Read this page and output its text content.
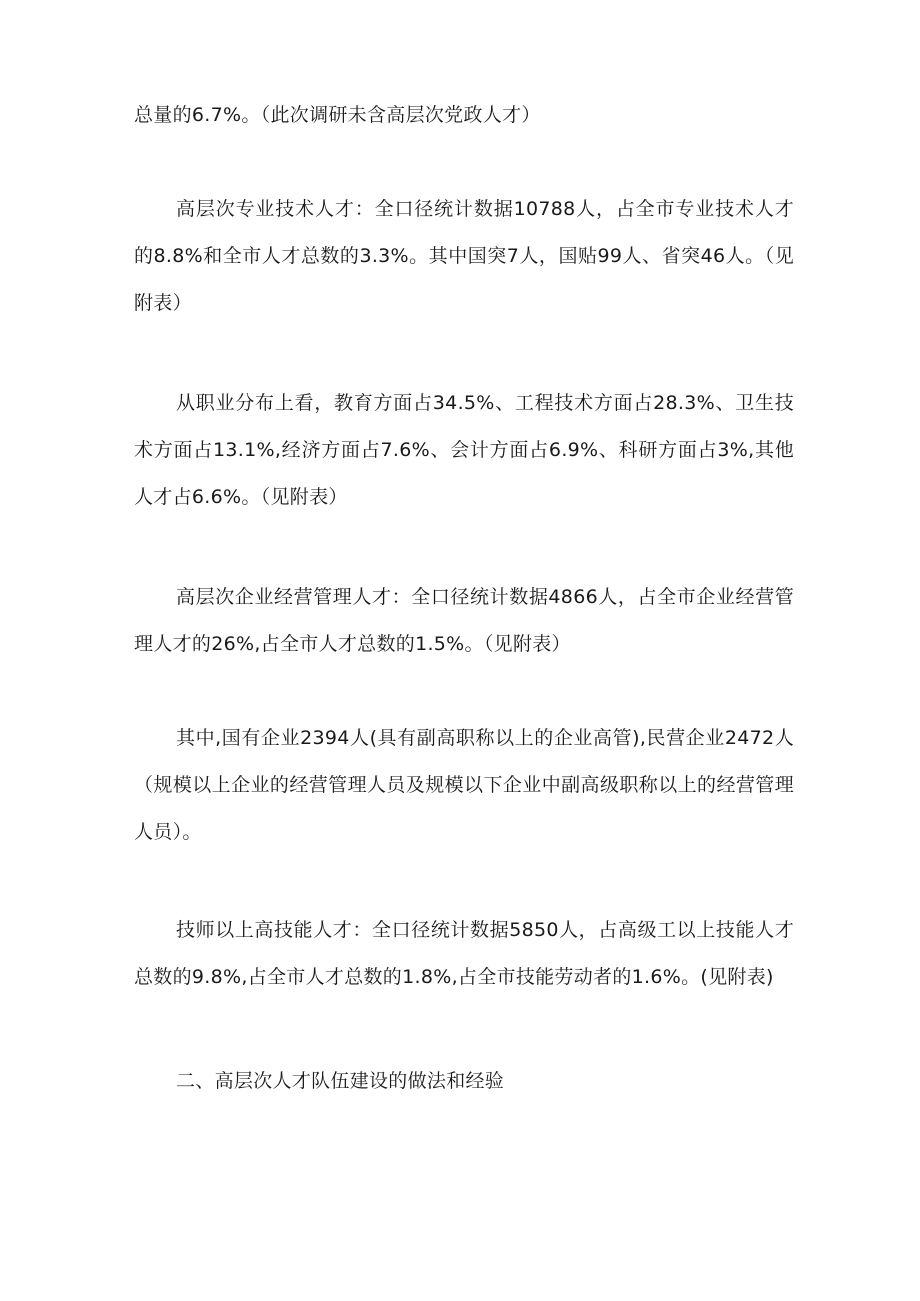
总量的6.7%。（此次调研未含高层次党政人才）

高层次专业技术人才：全口径统计数据10788人，占全市专业技术人才的8.8%和全市人才总数的3.3%。其中国突7人，国贴99人、省突46人。（见附表）

从职业分布上看，教育方面占34.5%、工程技术方面占28.3%、卫生技术方面占13.1%,经济方面占7.6%、会计方面占6.9%、科研方面占3%,其他人才占6.6%。（见附表）

高层次企业经营管理人才：全口径统计数据4866人，占全市企业经营管理人才的26%,占全市人才总数的1.5%。（见附表）

其中,国有企业2394人(具有副高职称以上的企业高管),民营企业2472人（规模以上企业的经营管理人员及规模以下企业中副高级职称以上的经营管理人员）。

技师以上高技能人才：全口径统计数据5850人，占高级工以上技能人才总数的9.8%,占全市人才总数的1.8%,占全市技能劳动者的1.6%。(见附表)

二、高层次人才队伍建设的做法和经验
